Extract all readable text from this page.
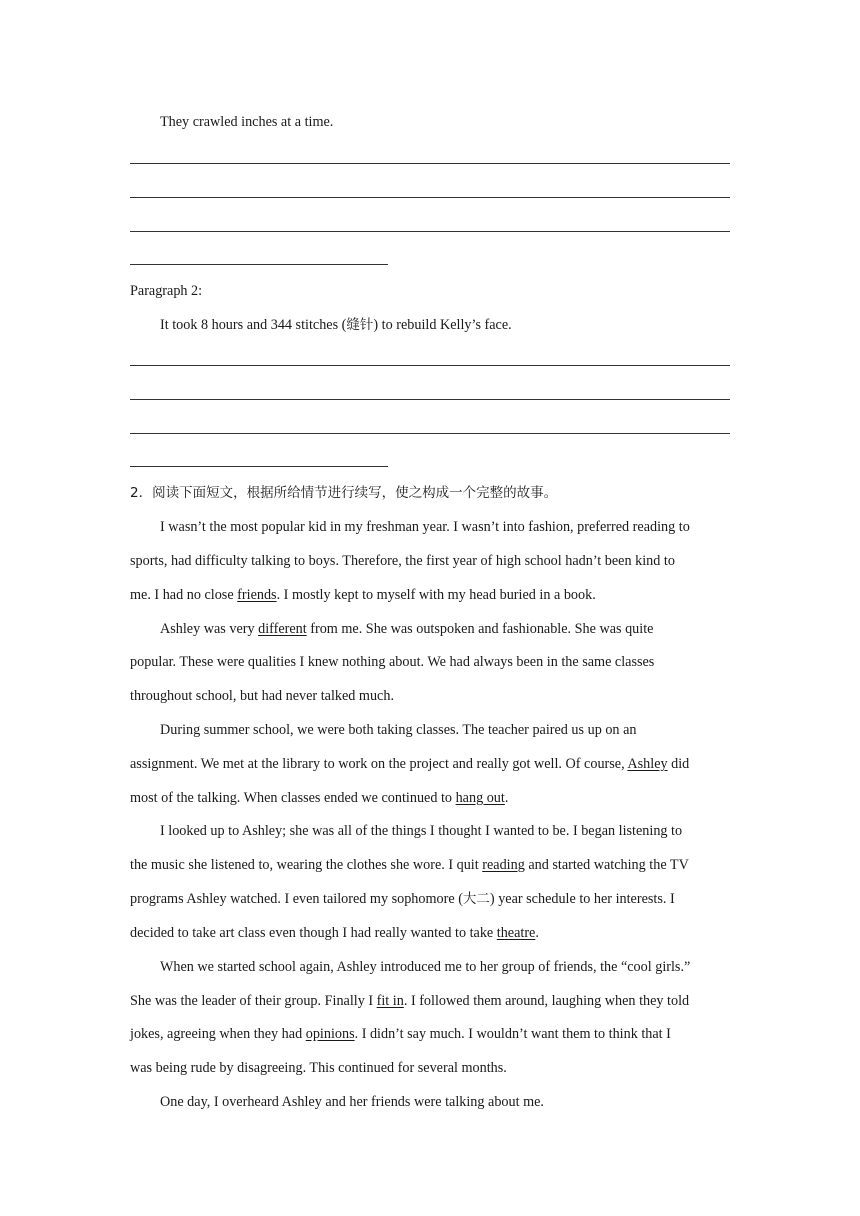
They crawled inches at a time.
Paragraph 2:
It took 8 hours and 344 stitches (缝针) to rebuild Kelly’s face.
2．阅读下面短文，根据所给情节进行续写，使之构成一个完整的故事。
I wasn’t the most popular kid in my freshman year. I wasn’t into fashion, preferred reading to
sports, had difficulty talking to boys. Therefore, the first year of high school hadn’t been kind to
me. I had no close friends. I mostly kept to myself with my head buried in a book.
Ashley was very different from me. She was outspoken and fashionable. She was quite
popular. These were qualities I knew nothing about. We had always been in the same classes
throughout school, but had never talked much.
During summer school, we were both taking classes. The teacher paired us up on an
assignment. We met at the library to work on the project and really got well. Of course, Ashley did
most of the talking. When classes ended we continued to hang out.
I looked up to Ashley; she was all of the things I thought I wanted to be. I began listening to
the music she listened to, wearing the clothes she wore. I quit reading and started watching the TV
programs Ashley watched. I even tailored my sophomore (大二) year schedule to her interests. I
decided to take art class even though I had really wanted to take theatre.
When we started school again, Ashley introduced me to her group of friends, the “cool girls.”
She was the leader of their group. Finally I fit in. I followed them around, laughing when they told
jokes, agreeing when they had opinions. I didn’t say much. I wouldn’t want them to think that I
was being rude by disagreeing. This continued for several months.
One day, I overheard Ashley and her friends were talking about me.
